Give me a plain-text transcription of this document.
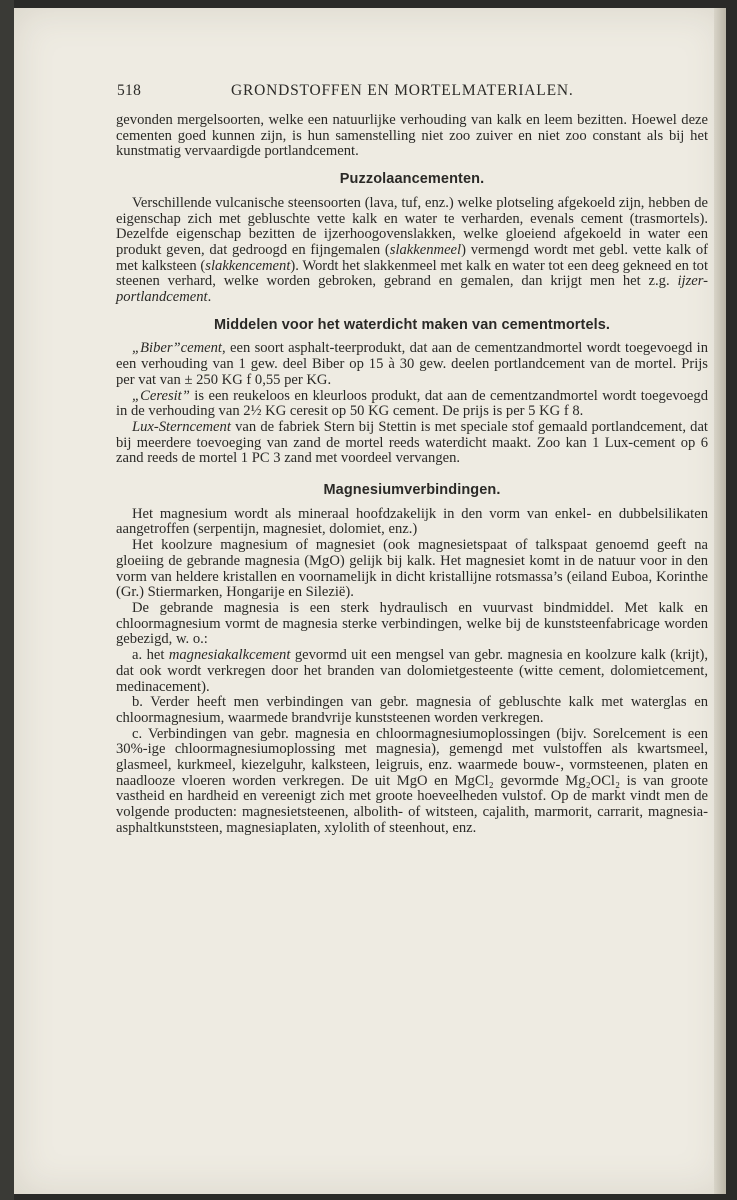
518	GRONDSTOFFEN EN MORTELMATERIALEN.

gevonden mergelsoorten, welke een natuurlijke verhouding van kalk en leem bezitten. Hoewel deze cementen goed kunnen zijn, is hun samenstelling niet zoo zuiver en niet zoo constant als bij het kunstmatig vervaardigde portlandcement.

Puzzolaancementen.

Verschillende vulcanische steensoorten (lava, tuf, enz.) welke plotseling afgekoeld zijn, hebben de eigenschap zich met gebluschte vette kalk en water te verharden, evenals cement (trasmortels). Dezelfde eigenschap bezitten de ijzerhoogovenslakken, welke gloeiend afgekoeld in water een produkt geven, dat gedroogd en fijngemalen (slakkenmeel) vermengd wordt met gebl. vette kalk of met kalksteen (slakkencement). Wordt het slakkenmeel met kalk en water tot een deeg gekneed en tot steenen verhard, welke worden gebroken, gebrand en gemalen, dan krijgt men het z.g. ijzer-portlandcement.

Middelen voor het waterdicht maken van cementmortels.

„Biber”cement, een soort asphalt-teerprodukt, dat aan de cementzandmortel wordt toegevoegd in een verhouding van 1 gew. deel Biber op 15 à 30 gew. deelen portlandcement van de mortel. Prijs per vat van ± 250 KG f 0,55 per KG.

„Ceresit” is een reukeloos en kleurloos produkt, dat aan de cementzandmortel wordt toegevoegd in de verhouding van 2½ KG ceresit op 50 KG cement. De prijs is per 5 KG f 8.

Lux-Sterncement van de fabriek Stern bij Stettin is met speciale stof gemaald portlandcement, dat bij meerdere toevoeging van zand de mortel reeds waterdicht maakt. Zoo kan 1 Lux-cement op 6 zand reeds de mortel 1 PC 3 zand met voordeel vervangen.

Magnesiumverbindingen.

Het magnesium wordt als mineraal hoofdzakelijk in den vorm van enkel- en dubbelsilikaten aangetroffen (serpentijn, magnesiet, dolomiet, enz.)

Het koolzure magnesium of magnesiet (ook magnesietspaat of talkspaat genoemd geeft na gloeiing de gebrande magnesia (MgO) gelijk bij kalk. Het magnesiet komt in de natuur voor in den vorm van heldere kristallen en voornamelijk in dicht kristallijne rotsmassa’s (eiland Euboa, Korinthe (Gr.) Stiermarken, Hongarije en Silezië).

De gebrande magnesia is een sterk hydraulisch en vuurvast bindmiddel. Met kalk en chloormagnesium vormt de magnesia sterke verbindingen, welke bij de kunststeenfabricage worden gebezigd, w. o.:

a. het magnesiakalkcement gevormd uit een mengsel van gebr. magnesia en koolzure kalk (krijt), dat ook wordt verkregen door het branden van dolomietgesteente (witte cement, dolomietcement, medinacement).

b. Verder heeft men verbindingen van gebr. magnesia of gebluschte kalk met waterglas en chloormagnesium, waarmede brandvrije kunststeenen worden verkregen.

c. Verbindingen van gebr. magnesia en chloormagnesiumoplossingen (bijv. Sorelcement is een 30%-ige chloormagnesiumoplossing met magnesia), gemengd met vulstoffen als kwartsmeel, glasmeel, kurkmeel, kiezelguhr, kalksteen, leigruis, enz. waarmede bouw-, vormsteenen, platen en naadlooze vloeren worden verkregen. De uit MgO en MgCl₂ gevormde Mg₂OCl₂ is van groote vastheid en hardheid en vereenigt zich met groote hoeveelheden vulstof. Op de markt vindt men de volgende producten: magnesietsteenen, albolith- of witsteen, cajalith, marmorit, carrarit, magnesia-asphaltkunststeen, magnesiaplaten, xylolith of steenhout, enz.
